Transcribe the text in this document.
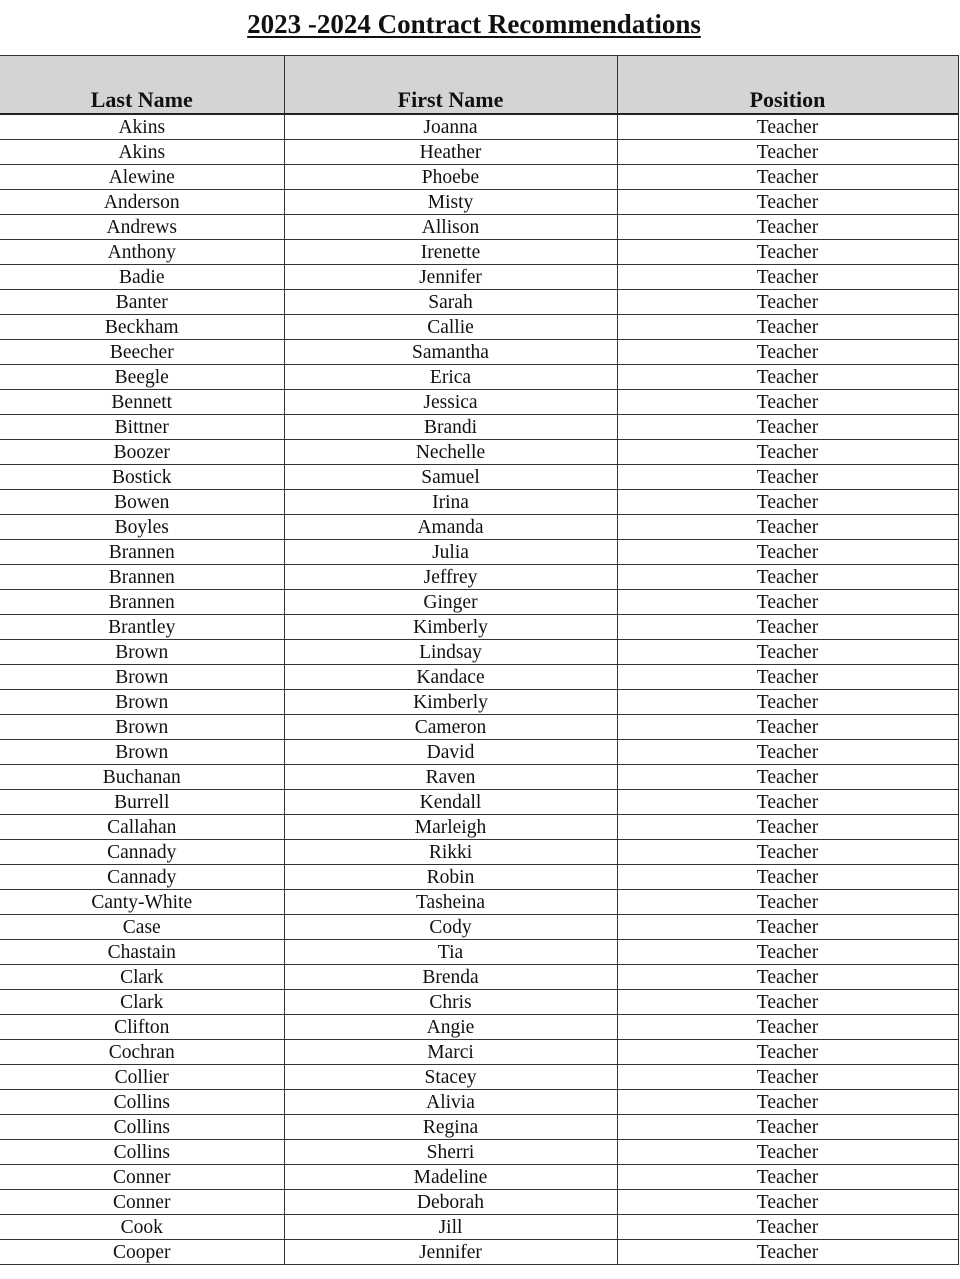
2023 -2024 Contract Recommendations
Last Name	First Name	Position
Akins	Joanna	Teacher
Akins	Heather	Teacher
Alewine	Phoebe	Teacher
Anderson	Misty	Teacher
Andrews	Allison	Teacher
Anthony	Irenette	Teacher
Badie	Jennifer	Teacher
Banter	Sarah	Teacher
Beckham	Callie	Teacher
Beecher	Samantha	Teacher
Beegle	Erica	Teacher
Bennett	Jessica	Teacher
Bittner	Brandi	Teacher
Boozer	Nechelle	Teacher
Bostick	Samuel	Teacher
Bowen	Irina	Teacher
Boyles	Amanda	Teacher
Brannen	Julia	Teacher
Brannen	Jeffrey	Teacher
Brannen	Ginger	Teacher
Brantley	Kimberly	Teacher
Brown	Lindsay	Teacher
Brown	Kandace	Teacher
Brown	Kimberly	Teacher
Brown	Cameron	Teacher
Brown	David	Teacher
Buchanan	Raven	Teacher
Burrell	Kendall	Teacher
Callahan	Marleigh	Teacher
Cannady	Rikki	Teacher
Cannady	Robin	Teacher
Canty-White	Tasheina	Teacher
Case	Cody	Teacher
Chastain	Tia	Teacher
Clark	Brenda	Teacher
Clark	Chris	Teacher
Clifton	Angie	Teacher
Cochran	Marci	Teacher
Collier	Stacey	Teacher
Collins	Alivia	Teacher
Collins	Regina	Teacher
Collins	Sherri	Teacher
Conner	Madeline	Teacher
Conner	Deborah	Teacher
Cook	Jill	Teacher
Cooper	Jennifer	Teacher
